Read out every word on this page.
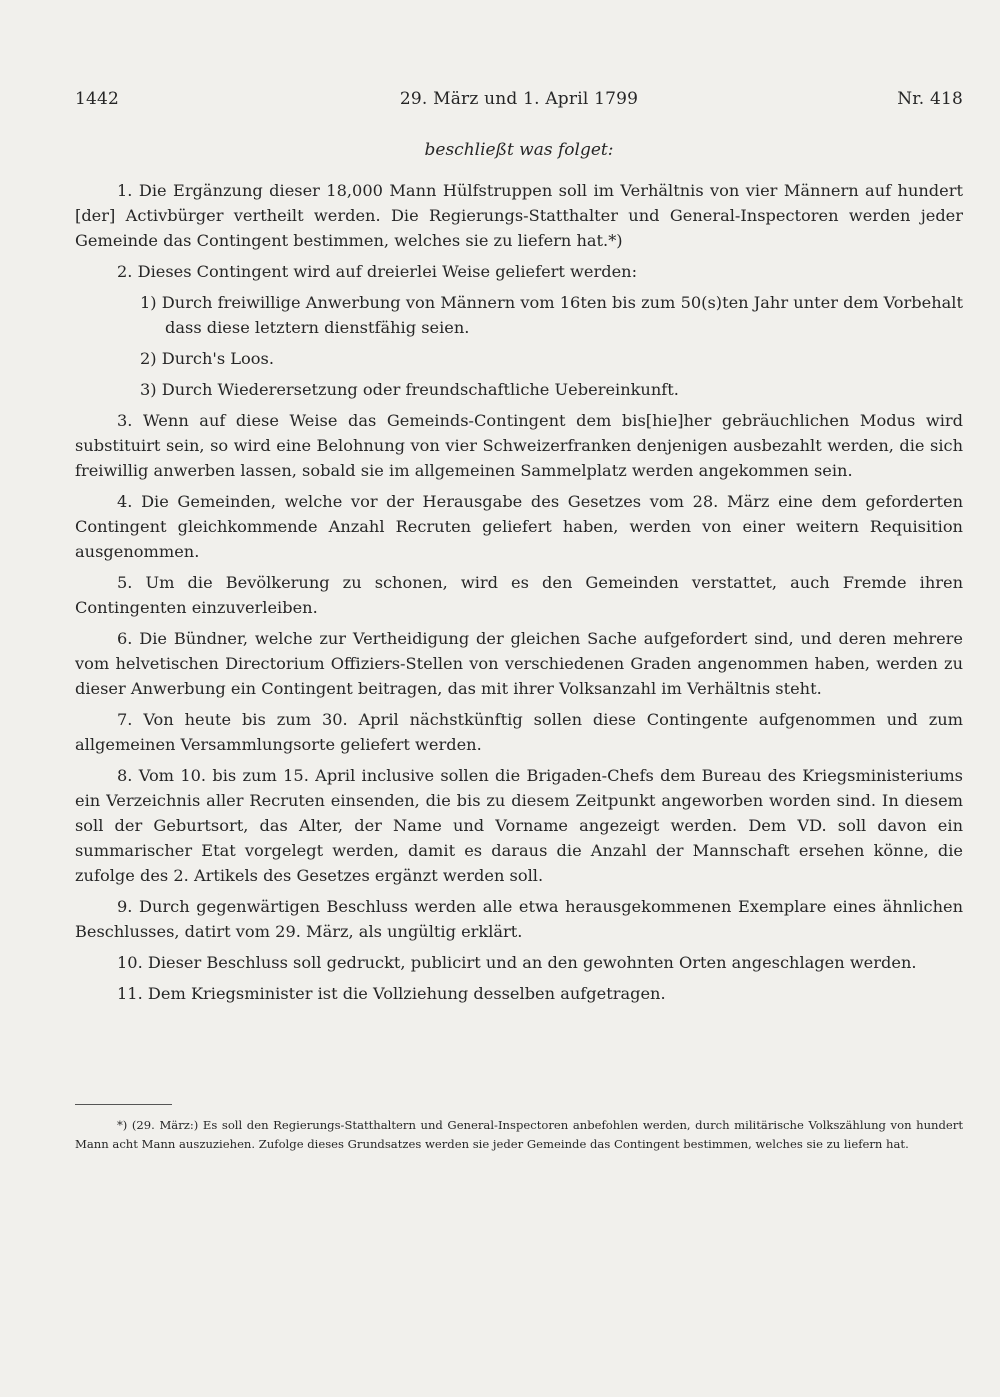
1442	29. März und 1. April 1799	Nr. 418
beschließt was folget:

1. Die Ergänzung dieser 18,000 Mann Hülfstruppen soll im Verhältnis von vier Männern auf hundert [der] Activbürger vertheilt werden. Die Regierungs-Statthalter und General-Inspectoren werden jeder Gemeinde das Contingent bestimmen, welches sie zu liefern hat.*)

2. Dieses Contingent wird auf dreierlei Weise geliefert werden:

1) Durch freiwillige Anwerbung von Männern vom 16ten bis zum 50(s)ten Jahr unter dem Vorbehalt dass diese letztern dienstfähig seien.

2) Durch's Loos.

3) Durch Wiederersetzung oder freundschaftliche Uebereinkunft.

3. Wenn auf diese Weise das Gemeinds-Contingent dem bis[hie]her gebräuchlichen Modus wird substituirt sein, so wird eine Belohnung von vier Schweizerfranken denjenigen ausbezahlt werden, die sich freiwillig anwerben lassen, sobald sie im allgemeinen Sammelplatz werden angekommen sein.

4. Die Gemeinden, welche vor der Herausgabe des Gesetzes vom 28. März eine dem geforderten Contingent gleichkommende Anzahl Recruten geliefert haben, werden von einer weitern Requisition ausgenommen.

5. Um die Bevölkerung zu schonen, wird es den Gemeinden verstattet, auch Fremde ihren Contingenten einzuverleiben.

6. Die Bündner, welche zur Vertheidigung der gleichen Sache aufgefordert sind, und deren mehrere vom helvetischen Directorium Offiziers-Stellen von verschiedenen Graden angenommen haben, werden zu dieser Anwerbung ein Contingent beitragen, das mit ihrer Volksanzahl im Verhältnis steht.

7. Von heute bis zum 30. April nächstkünftig sollen diese Contingente aufgenommen und zum allgemeinen Versammlungsorte geliefert werden.

8. Vom 10. bis zum 15. April inclusive sollen die Brigaden-Chefs dem Bureau des Kriegsministeriums ein Verzeichnis aller Recruten einsenden, die bis zu diesem Zeitpunkt angeworben worden sind. In diesem soll der Geburtsort, das Alter, der Name und Vorname angezeigt werden. Dem VD. soll davon ein summarischer Etat vorgelegt werden, damit es daraus die Anzahl der Mannschaft ersehen könne, die zufolge des 2. Artikels des Gesetzes ergänzt werden soll.

9. Durch gegenwärtigen Beschluss werden alle etwa herausgekommenen Exemplare eines ähnlichen Beschlusses, datirt vom 29. März, als ungültig erklärt.

10. Dieser Beschluss soll gedruckt, publicirt und an den gewohnten Orten angeschlagen werden.

11. Dem Kriegsminister ist die Vollziehung desselben aufgetragen.

*) (29. März:) Es soll den Regierungs-Statthaltern und General-Inspectoren anbefohlen werden, durch militärische Volkszählung von hundert Mann acht Mann auszuziehen. Zufolge dieses Grundsatzes werden sie jeder Gemeinde das Contingent bestimmen, welches sie zu liefern hat.
